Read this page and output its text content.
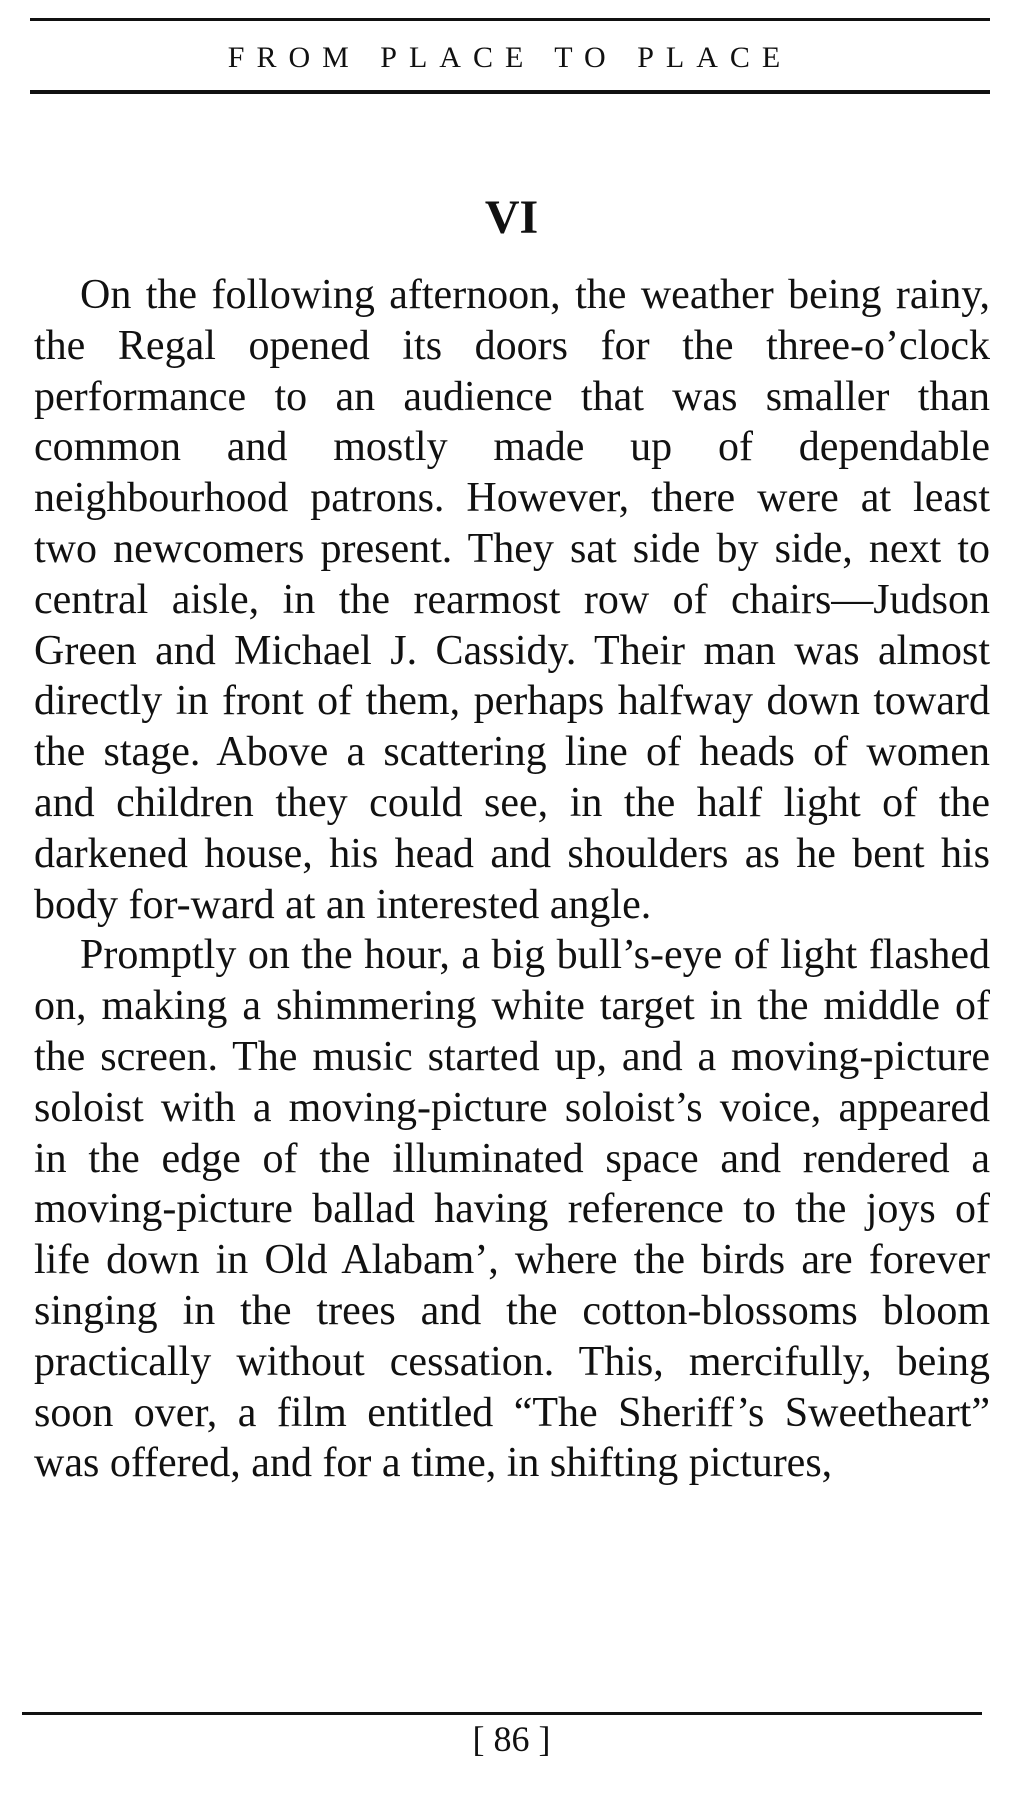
FROM PLACE TO PLACE
VI

On the following afternoon, the weather being rainy, the Regal opened its doors for the three-o’clock performance to an audience that was smaller than common and mostly made up of dependable neighbourhood patrons. However, there were at least two newcomers present. They sat side by side, next to central aisle, in the rearmost row of chairs—Judson Green and Michael J. Cassidy. Their man was almost directly in front of them, perhaps halfway down toward the stage. Above a scattering line of heads of women and children they could see, in the half light of the darkened house, his head and shoulders as he bent his body for-ward at an interested angle.

Promptly on the hour, a big bull’s-eye of light flashed on, making a shimmering white target in the middle of the screen. The music started up, and a moving-picture soloist with a moving-picture soloist’s voice, appeared in the edge of the illuminated space and rendered a moving-picture ballad having reference to the joys of life down in Old Alabam’, where the birds are forever singing in the trees and the cotton-blossoms bloom practically without cessation. This, mercifully, being soon over, a film entitled “The Sheriff’s Sweetheart” was offered, and for a time, in shifting pictures,

[ 86 ]
